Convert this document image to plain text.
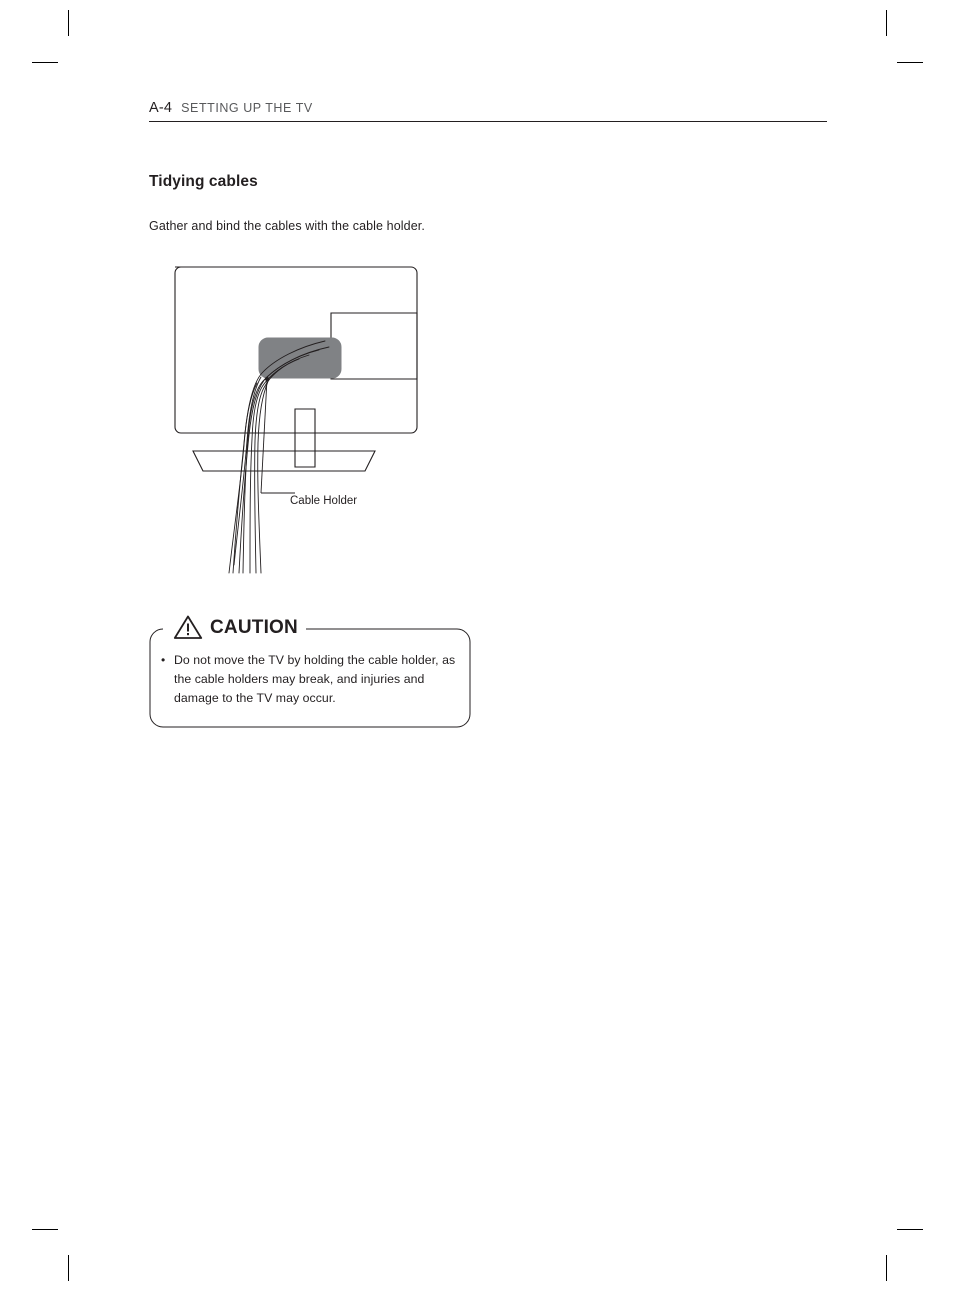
A-4 SETTING UP THE TV
Tidying cables
Gather and bind the cables with the cable holder.
Cable Holder
CAUTION
• Do not move the TV by holding the cable holder, as the cable holders may break, and injuries and damage to the TV may occur.
